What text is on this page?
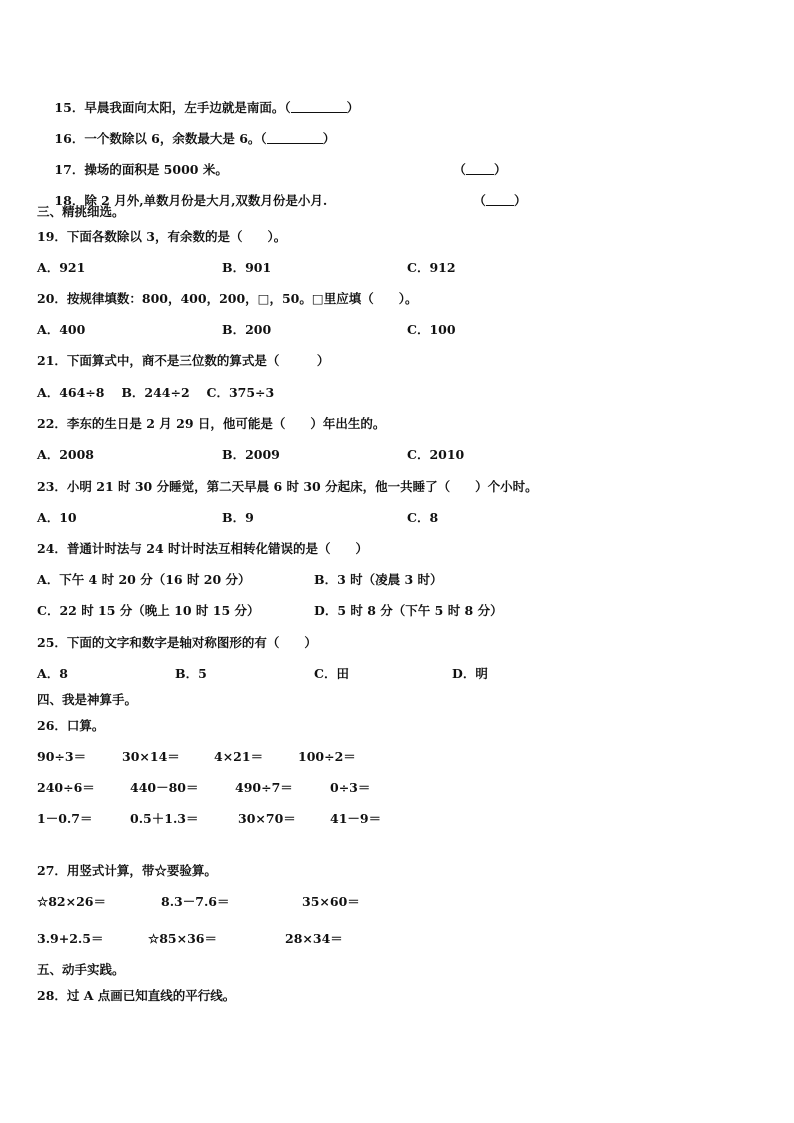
15．早晨我面向太阳，左手边就是南面。（	）

16．一个数除以 6，余数最大是 6。（	）

17．操场的面积是 5000 米。
	（ ）

18．除 2 月外,单数月份是大月,双数月份是小月.
	（ ）

三、精挑细选。
19．下面各数除以 3，有余数的是（　　）。
A．921	B．901	C．912
20．按规律填数：800，400，200，□，50。□里应填（　　）。
A．400	B．200	C．100
21．下面算式中，商不是三位数的算式是（　　　）
A．464÷8　 B．244÷2　 C．375÷3
22．李东的生日是 2 月 29 日，他可能是（　　）年出生的。
A．2008	B．2009	C．2010
23．小明 21 时 30 分睡觉，第二天早晨 6 时 30 分起床，他一共睡了（　　）个小时。
A．10	B．9	C．8
24．普通计时法与 24 时计时法互相转化错误的是（　　）
A．下午 4 时 20 分（16 时 20 分）	B．3 时（凌晨 3 时）
C．22 时 15 分（晚上 10 时 15 分）	D．5 时 8 分（下午 5 时 8 分）
25．下面的文字和数字是轴对称图形的有（　　）
A．8	B．5	C．田	D．明
四、我是神算手。
26．口算。
90÷3＝	30×14＝	4×21＝	100÷2＝
240÷6＝	440－80＝	490÷7＝	0÷3＝
1－0.7＝	0.5＋1.3＝	30×70＝	41－9＝
27．用竖式计算，带☆要验算。
☆82×26＝	8.3－7.6＝	35×60＝
3.9+2.5＝	☆85×36＝	28×34＝
五、动手实践。
28．过 A 点画已知直线的平行线。
